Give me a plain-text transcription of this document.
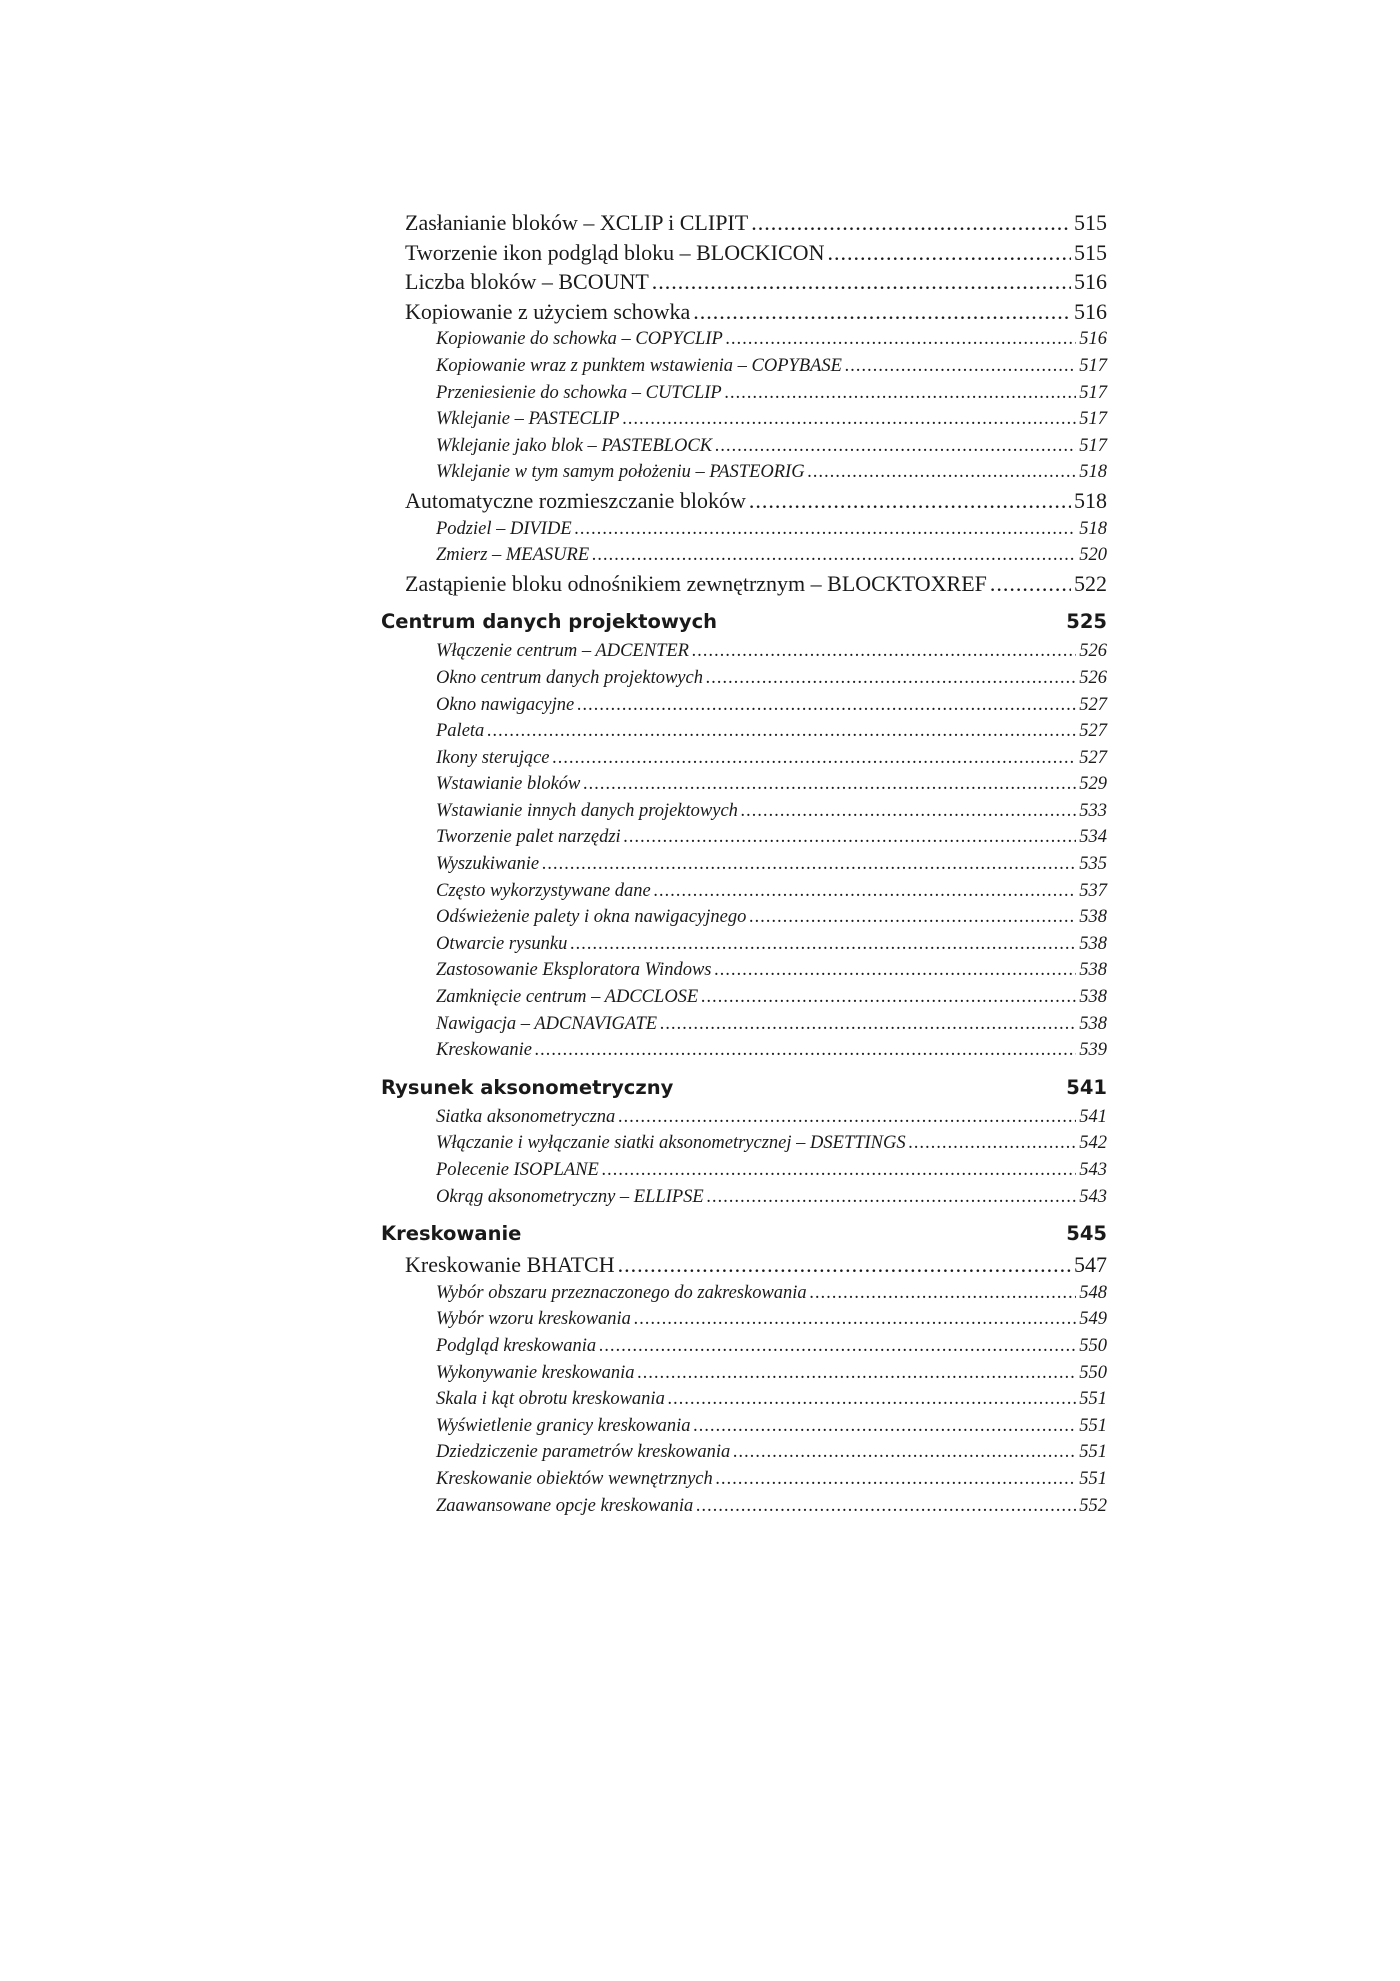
Zasłanianie bloków – XCLIP i CLIPIT .....	515
Tworzenie ikon podgląd bloku – BLOCKICON .....	515
Liczba bloków – BCOUNT .....	516
Kopiowanie z użyciem schowka .....	516
Kopiowanie do schowka – COPYCLIP .....	516
Kopiowanie wraz z punktem wstawienia – COPYBASE .....	517
Przeniesienie do schowka – CUTCLIP .....	517
Wklejanie – PASTECLIP .....	517
Wklejanie jako blok – PASTEBLOCK .....	517
Wklejanie w tym samym położeniu – PASTEORIG .....	518
Automatyczne rozmieszczanie bloków .....	518
Podziel – DIVIDE .....	518
Zmierz – MEASURE .....	520
Zastąpienie bloku odnośnikiem zewnętrznym – BLOCKTOXREF .....	522
Centrum danych projektowych	525
Włączenie centrum – ADCENTER .....	526
Okno centrum danych projektowych .....	526
Okno nawigacyjne .....	527
Paleta .....	527
Ikony sterujące .....	527
Wstawianie bloków .....	529
Wstawianie innych danych projektowych .....	533
Tworzenie palet narzędzi .....	534
Wyszukiwanie .....	535
Często wykorzystywane dane .....	537
Odświeżenie palety i okna nawigacyjnego .....	538
Otwarcie rysunku .....	538
Zastosowanie Eksploratora Windows .....	538
Zamknięcie centrum – ADCCLOSE .....	538
Nawigacja – ADCNAVIGATE .....	538
Kreskowanie .....	539
Rysunek aksonometryczny	541
Siatka aksonometryczna .....	541
Włączanie i wyłączanie siatki aksonometrycznej – DSETTINGS .....	542
Polecenie ISOPLANE .....	543
Okrąg aksonometryczny – ELLIPSE .....	543
Kreskowanie	545
Kreskowanie BHATCH .....	547
Wybór obszaru przeznaczonego do zakreskowania .....	548
Wybór wzoru kreskowania .....	549
Podgląd kreskowania .....	550
Wykonywanie kreskowania .....	550
Skala i kąt obrotu kreskowania .....	551
Wyświetlenie granicy kreskowania .....	551
Dziedziczenie parametrów kreskowania .....	551
Kreskowanie obiektów wewnętrznych .....	551
Zaawansowane opcje kreskowania .....	552
